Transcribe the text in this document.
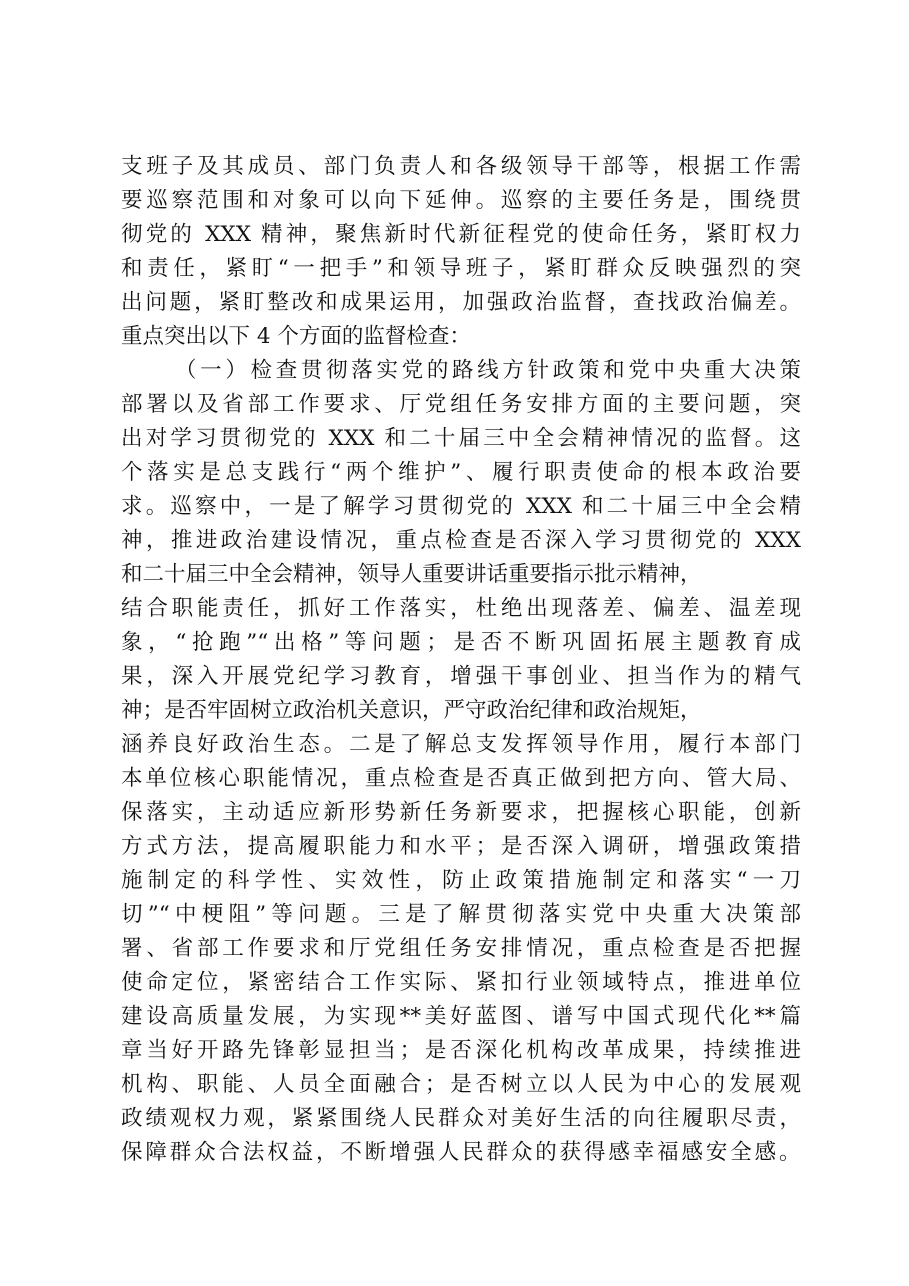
支班子及其成员、部门负责人和各级领导干部等，根据工作需
要巡察范围和对象可以向下延伸。巡察的主要任务是，围绕贯
彻党的 XXX 精神，聚焦新时代新征程党的使命任务，紧盯权力
和责任，紧盯“一把手”和领导班子，紧盯群众反映强烈的突
出问题，紧盯整改和成果运用，加强政治监督，查找政治偏差。
重点突出以下 4 个方面的监督检查：
（一）检查贯彻落实党的路线方针政策和党中央重大决策
部署以及省部工作要求、厅党组任务安排方面的主要问题，突
出对学习贯彻党的 XXX 和二十届三中全会精神情况的监督。这
个落实是总支践行“两个维护”、履行职责使命的根本政治要
求。巡察中，一是了解学习贯彻党的 XXX 和二十届三中全会精
神，推进政治建设情况，重点检查是否深入学习贯彻党的 XXX
和二十届三中全会精神，领导人重要讲话重要指示批示精神，
结合职能责任，抓好工作落实，杜绝出现落差、偏差、温差现
象，“抢跑”“出格”等问题；是否不断巩固拓展主题教育成
果，深入开展党纪学习教育，增强干事创业、担当作为的精气
神；是否牢固树立政治机关意识，严守政治纪律和政治规矩，
涵养良好政治生态。二是了解总支发挥领导作用，履行本部门
本单位核心职能情况，重点检查是否真正做到把方向、管大局、
保落实，主动适应新形势新任务新要求，把握核心职能，创新
方式方法，提高履职能力和水平；是否深入调研，增强政策措
施制定的科学性、实效性，防止政策措施制定和落实“一刀
切”“中梗阻”等问题。三是了解贯彻落实党中央重大决策部
署、省部工作要求和厅党组任务安排情况，重点检查是否把握
使命定位，紧密结合工作实际、紧扣行业领域特点，推进单位
建设高质量发展，为实现**美好蓝图、谱写中国式现代化**篇
章当好开路先锋彰显担当；是否深化机构改革成果，持续推进
机构、职能、人员全面融合；是否树立以人民为中心的发展观
政绩观权力观，紧紧围绕人民群众对美好生活的向往履职尽责，
保障群众合法权益，不断增强人民群众的获得感幸福感安全感。
